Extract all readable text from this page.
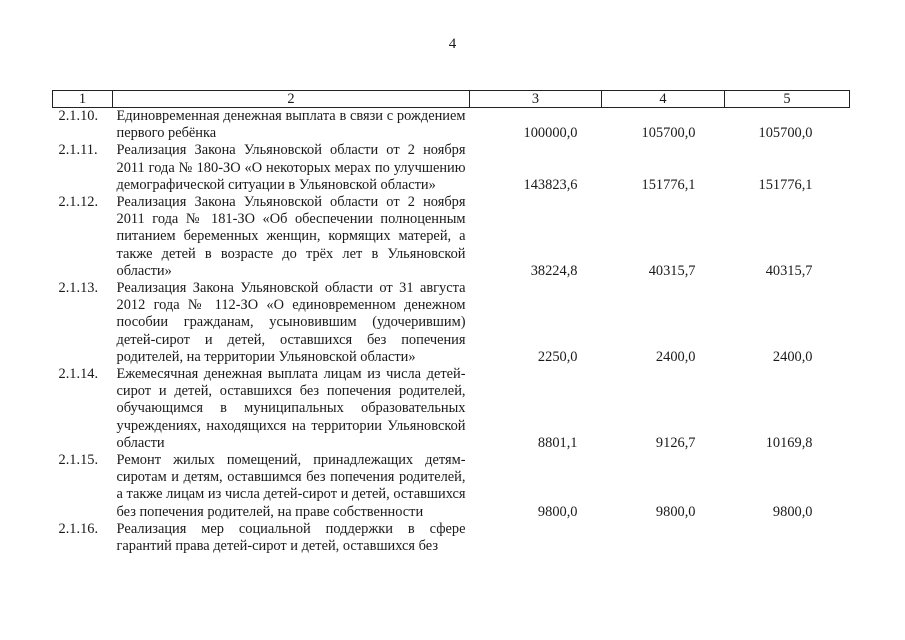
4
1	2	3	4	5
2.1.10.	Единовременная денежная выплата в связи с рождением первого ребёнка	100000,0	105700,0	105700,0
2.1.11.	Реализация Закона Ульяновской области от 2 ноября 2011 года № 180-ЗО «О некоторых мерах по улучшению демографической ситуации в Ульяновской области»	143823,6	151776,1	151776,1
2.1.12.	Реализация Закона Ульяновской области от 2 ноября 2011 года № 181-ЗО «Об обеспечении полноценным питанием беременных женщин, кормящих матерей, а также детей в возрасте до трёх лет в Ульяновской области»	38224,8	40315,7	40315,7
2.1.13.	Реализация Закона Ульяновской области от 31 августа 2012 года № 112-ЗО «О единовременном денежном пособии гражданам, усыновившим (удочерившим) детей-сирот и детей, оставшихся без попечения родителей, на территории Ульяновской области»	2250,0	2400,0	2400,0
2.1.14.	Ежемесячная денежная выплата лицам из числа детей-сирот и детей, оставшихся без попечения родителей, обучающимся в муниципальных образовательных учреждениях, находящихся на территории Ульяновской области	8801,1	9126,7	10169,8
2.1.15.	Ремонт жилых помещений, принадлежащих детям-сиротам и детям, оставшимся без попечения родителей, а также лицам из числа детей-сирот и детей, оставшихся без попечения родителей, на праве собственности	9800,0	9800,0	9800,0
2.1.16.	Реализация мер социальной поддержки в сфере гарантий права детей-сирот и детей, оставшихся без			
